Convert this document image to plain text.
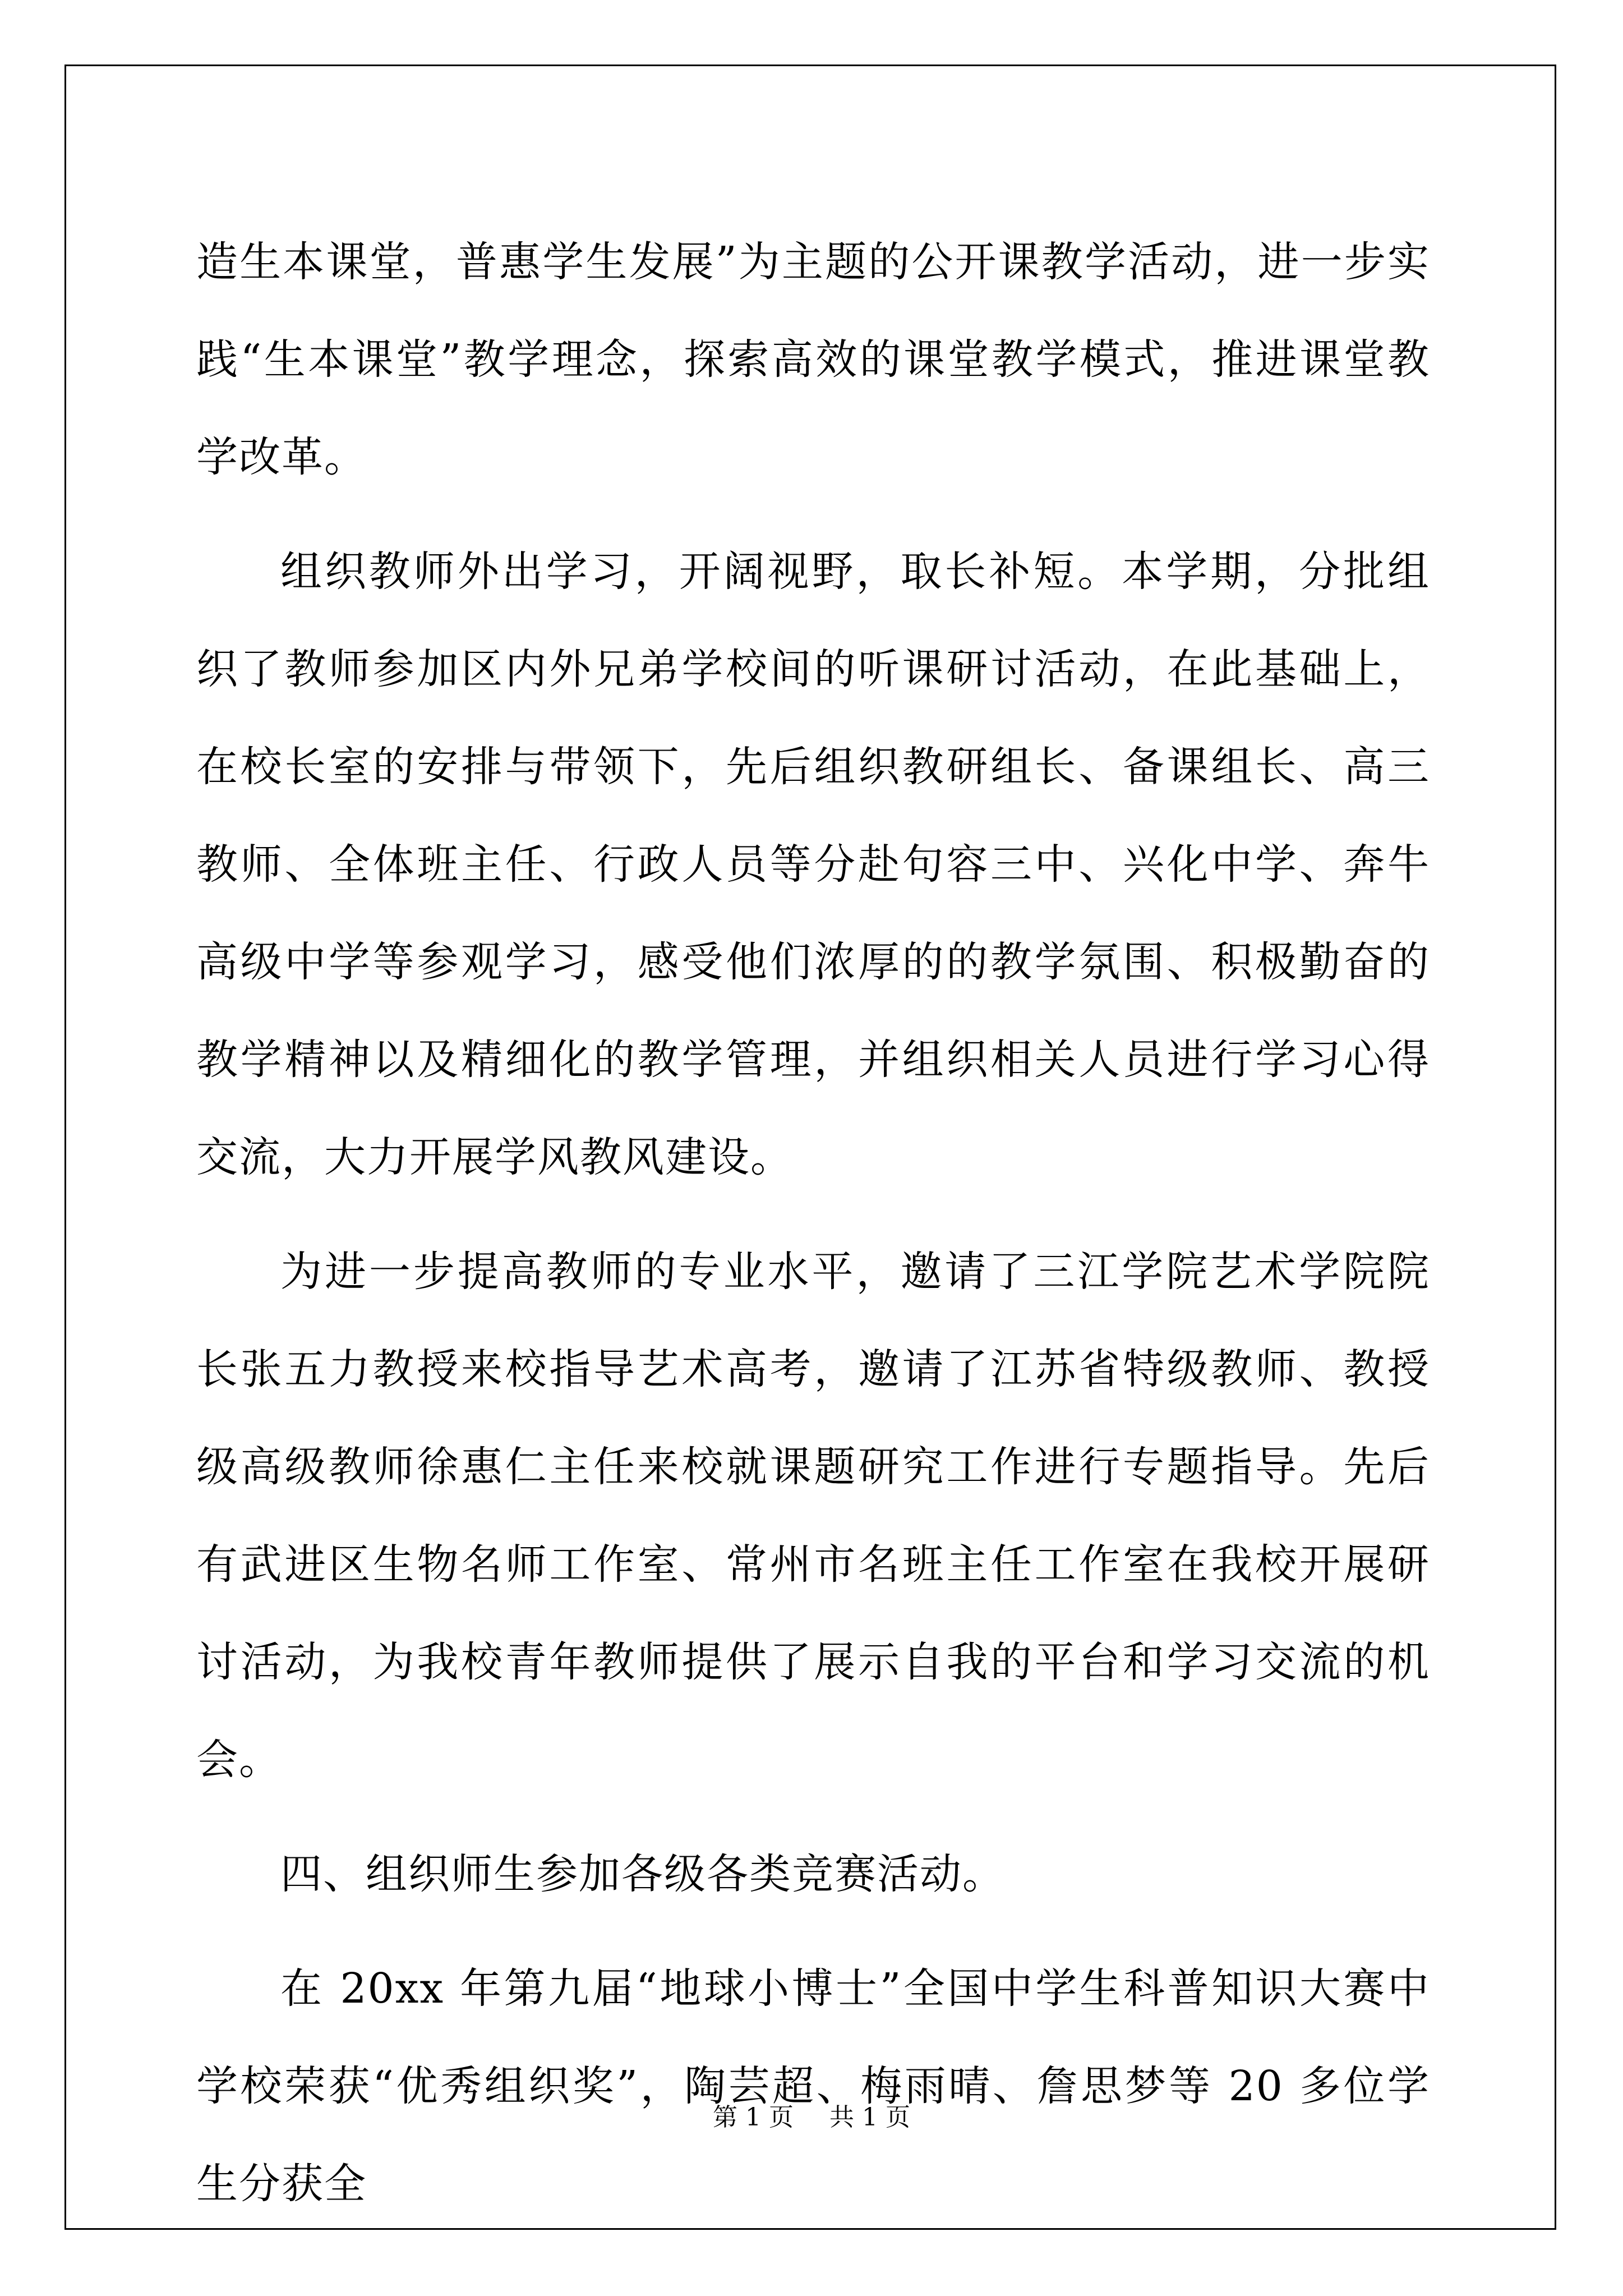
造生本课堂，普惠学生发展”为主题的公开课教学活动，进一步实践“生本课堂”教学理念，探索高效的课堂教学模式，推进课堂教学改革。

组织教师外出学习，开阔视野，取长补短。本学期，分批组织了教师参加区内外兄弟学校间的听课研讨活动，在此基础上，在校长室的安排与带领下，先后组织教研组长、备课组长、高三教师、全体班主任、行政人员等分赴句容三中、兴化中学、奔牛高级中学等参观学习，感受他们浓厚的的教学氛围、积极勤奋的教学精神以及精细化的教学管理，并组织相关人员进行学习心得交流，大力开展学风教风建设。

为进一步提高教师的专业水平，邀请了三江学院艺术学院院长张五力教授来校指导艺术高考，邀请了江苏省特级教师、教授级高级教师徐惠仁主任来校就课题研究工作进行专题指导。先后有武进区生物名师工作室、常州市名班主任工作室在我校开展研讨活动，为我校青年教师提供了展示自我的平台和学习交流的机会。

四、组织师生参加各级各类竞赛活动。

在 20xx 年第九届“地球小博士”全国中学生科普知识大赛中学校荣获“优秀组织奖”，陶芸超、梅雨晴、詹思梦等 20 多位学生分获全

第 1 页 共 1 页
